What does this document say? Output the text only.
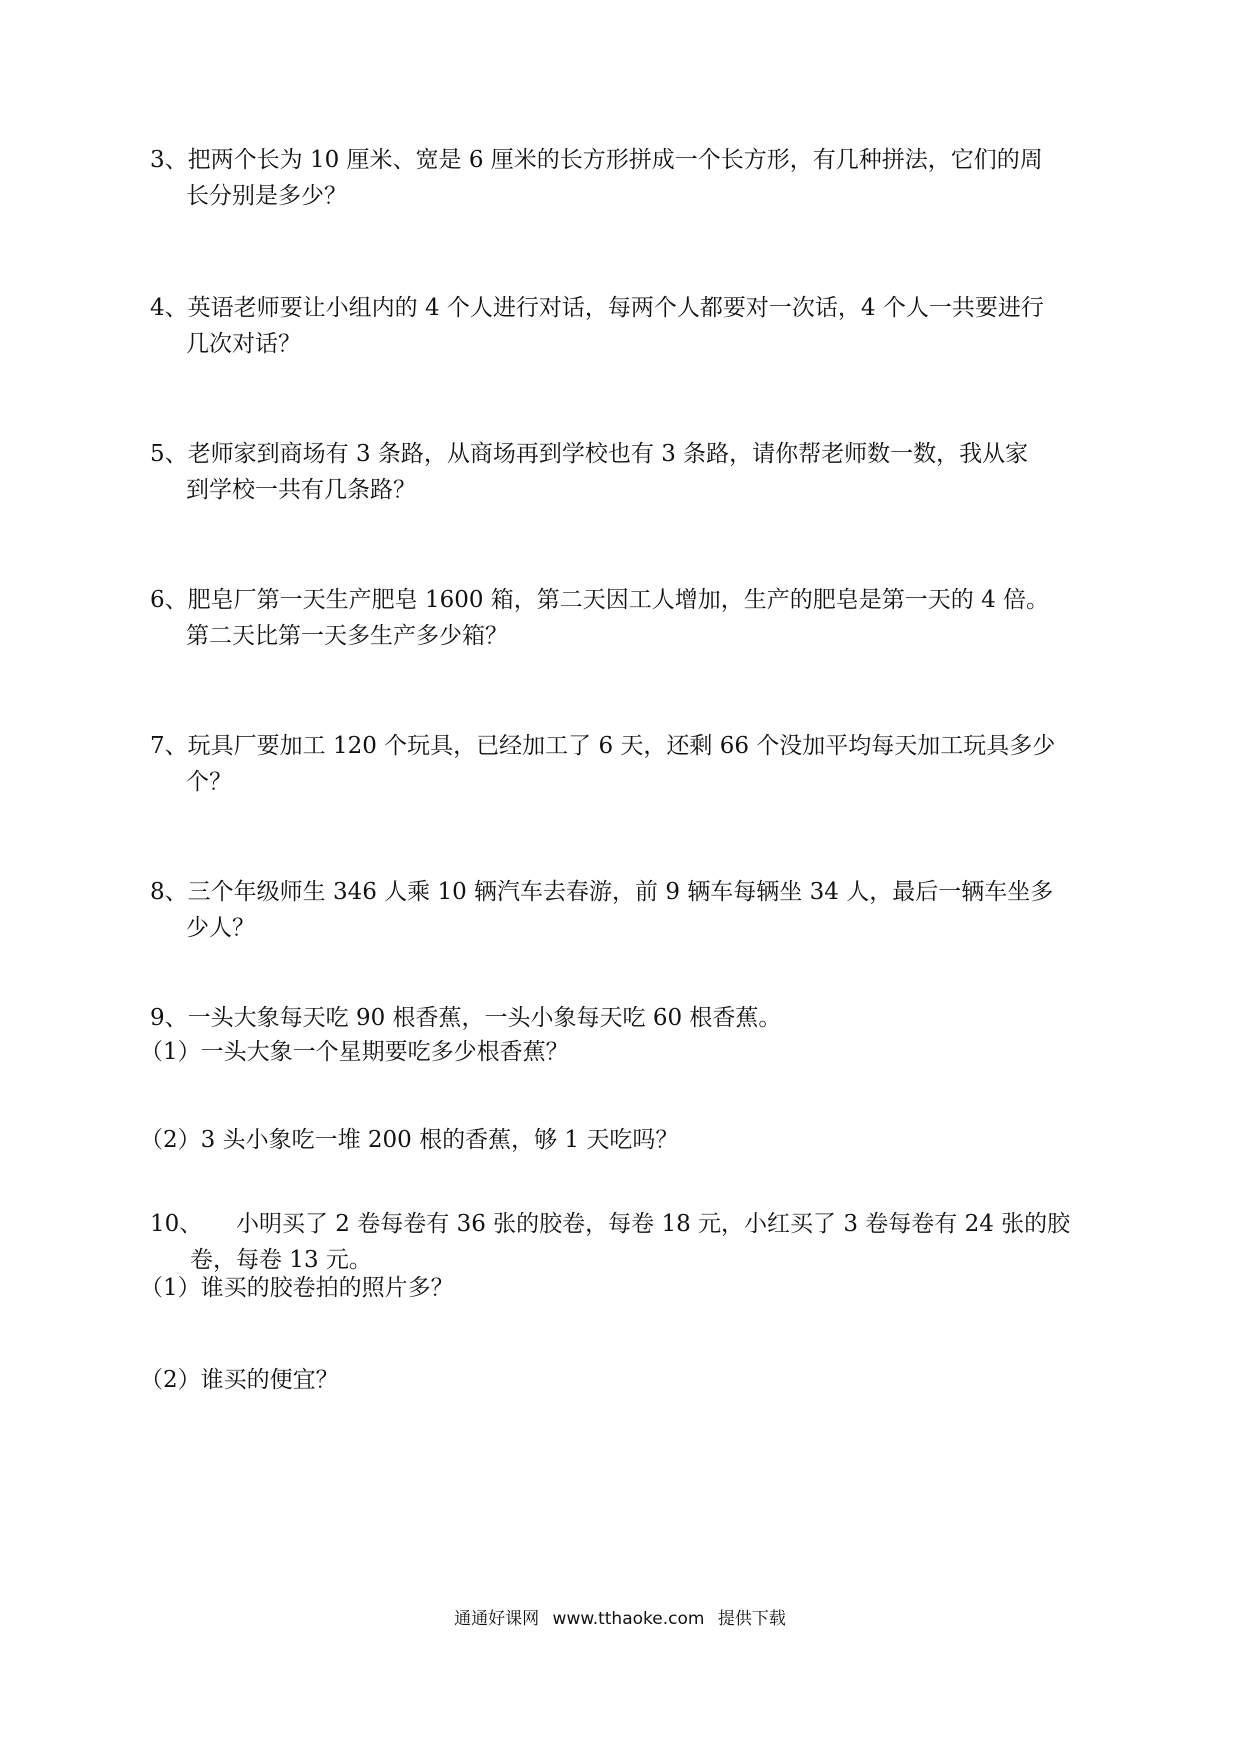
3、把两个长为 10 厘米、宽是 6 厘米的长方形拼成一个长方形，有几种拼法，它们的周
长分别是多少？
4、英语老师要让小组内的 4 个人进行对话，每两个人都要对一次话，4 个人一共要进行
几次对话？
5、老师家到商场有 3 条路，从商场再到学校也有 3 条路，请你帮老师数一数，我从家
到学校一共有几条路？
6、肥皂厂第一天生产肥皂 1600 箱，第二天因工人增加，生产的肥皂是第一天的 4 倍。
第二天比第一天多生产多少箱？
7、玩具厂要加工 120 个玩具，已经加工了 6 天，还剩 66 个没加平均每天加工玩具多少
个？
8、三个年级师生 346 人乘 10 辆汽车去春游，前 9 辆车每辆坐 34 人，最后一辆车坐多
少人？
9、一头大象每天吃 90 根香蕉，一头小象每天吃 60 根香蕉。
（1）一头大象一个星期要吃多少根香蕉？
（2）3 头小象吃一堆 200 根的香蕉，够 1 天吃吗？
10、 小明买了 2 卷每卷有 36 张的胶卷，每卷 18 元，小红买了 3 卷每卷有 24 张的胶
卷，每卷 13 元。
（1）谁买的胶卷拍的照片多？
（2）谁买的便宜？
通通好课网 www.tthaoke.com 提供下载
